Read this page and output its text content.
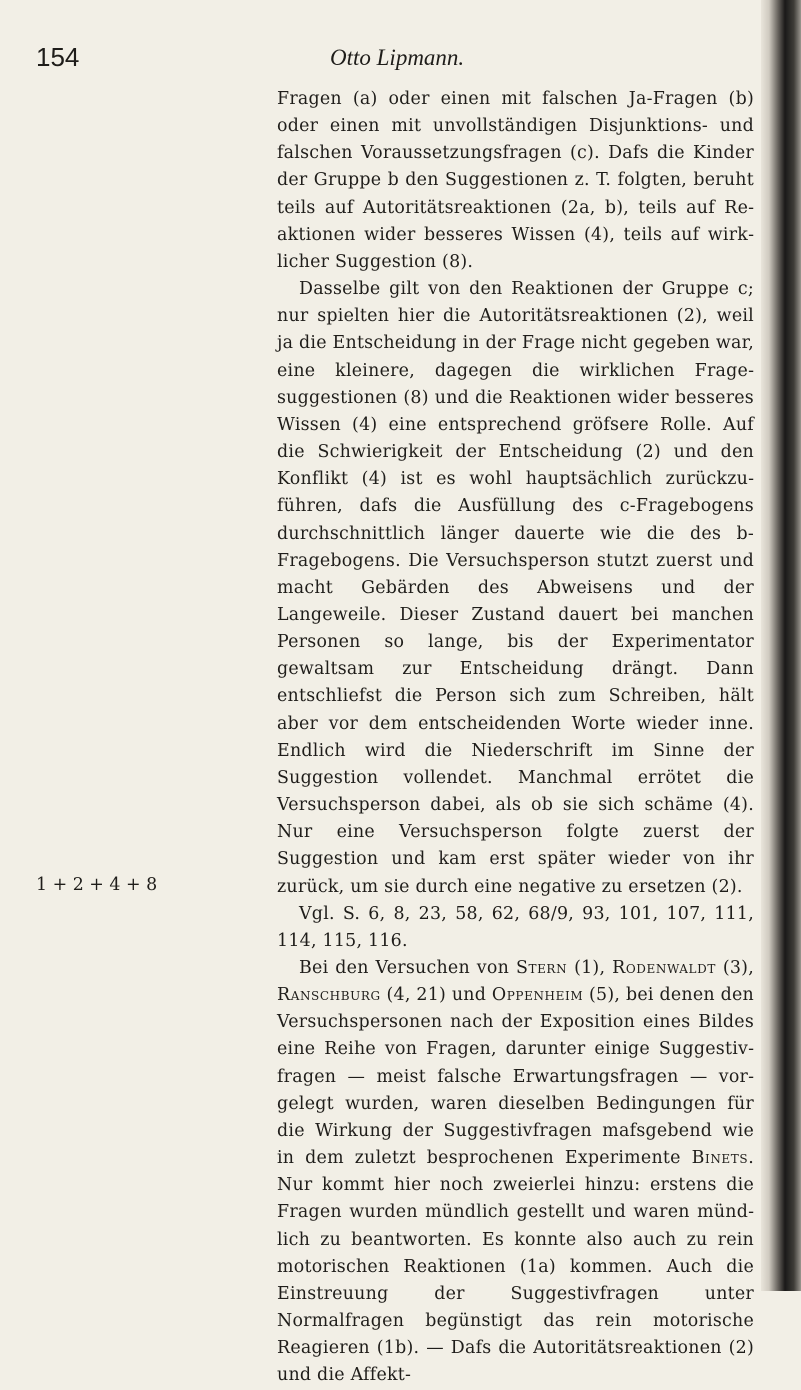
154	Otto Lipmann.
1 + 2 + 4 + 8

Fragen (a) oder einen mit falschen Ja-Fragen (b) oder einen mit unvollständigen Disjunktions- und falschen Voraussetzungsfragen (c). Dafs die Kinder der Gruppe b den Suggestionen z. T. folgten, beruht teils auf Autoritätsreaktionen (2a, b), teils auf Reaktionen wider besseres Wissen (4), teils auf wirklicher Suggestion (8).

Dasselbe gilt von den Reaktionen der Gruppe c; nur spielten hier die Autoritätsreaktionen (2), weil ja die Entscheidung in der Frage nicht gegeben war, eine kleinere, dagegen die wirklichen Fragesuggestionen (8) und die Reaktionen wider besseres Wissen (4) eine entsprechend gröfsere Rolle. Auf die Schwierigkeit der Entscheidung (2) und den Konflikt (4) ist es wohl hauptsächlich zurückzuführen, dafs die Ausfüllung des c-Fragebogens durchschnittlich länger dauerte wie die des b-Fragebogens. Die Versuchsperson stutzt zuerst und macht Gebärden des Abweisens und der Langeweile. Dieser Zustand dauert bei manchen Personen so lange, bis der Experimentator gewaltsam zur Entscheidung drängt. Dann entschliefst die Person sich zum Schreiben, hält aber vor dem entscheidenden Worte wieder inne. Endlich wird die Niederschrift im Sinne der Suggestion vollendet. Manchmal errötet die Versuchsperson dabei, als ob sie sich schäme (4). Nur eine Versuchsperson folgte zuerst der Suggestion und kam erst später wieder von ihr zurück, um sie durch eine negative zu ersetzen (2).

Vgl. S. 6, 8, 23, 58, 62, 68/9, 93, 101, 107, 111, 114, 115, 116.

Bei den Versuchen von Stern (1), Rodenwaldt (3), Ranschburg (4, 21) und Oppenheim (5), bei denen den Versuchspersonen nach der Exposition eines Bildes eine Reihe von Fragen, darunter einige Suggestivfragen — meist falsche Erwartungsfragen — vorgelegt wurden, waren dieselben Bedingungen für die Wirkung der Suggestivfragen mafsgebend wie in dem zuletzt besprochenen Experimente Binets. Nur kommt hier noch zweierlei hinzu: erstens die Fragen wurden mündlich gestellt und waren mündlich zu beantworten. Es konnte also auch zu rein motorischen Reaktionen (1a) kommen. Auch die Einstreuung der Suggestivfragen unter Normalfragen begünstigt das rein motorische Reagieren (1b). — Dafs die Autoritätsreaktionen (2) und die Affekt-
